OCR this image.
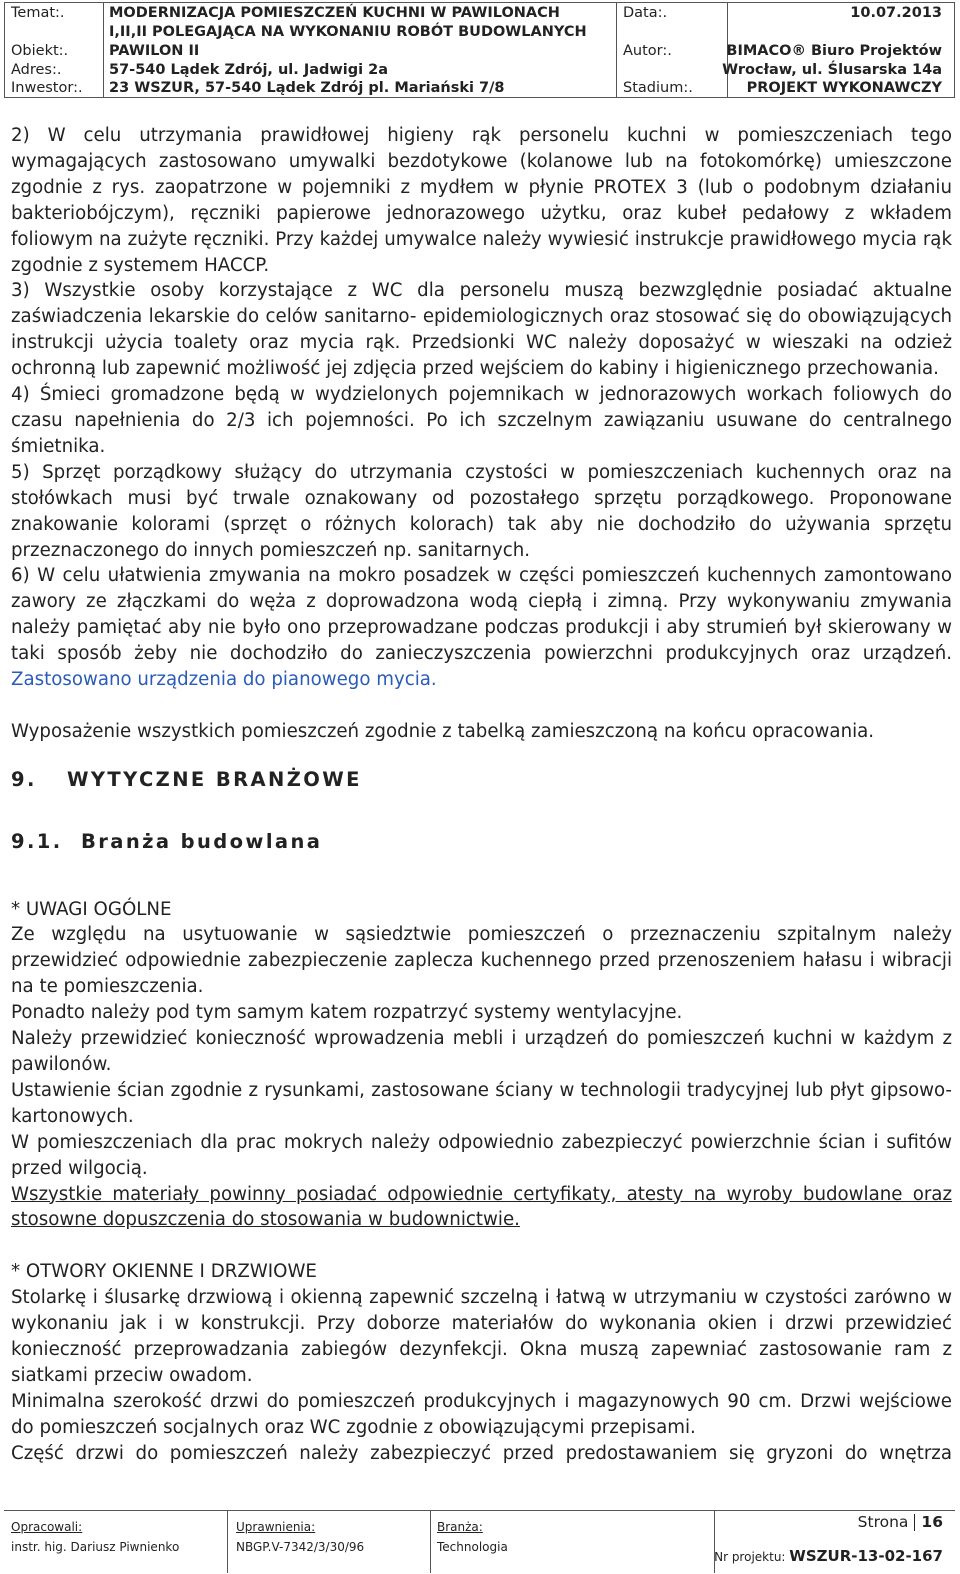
Temat:.	MODERNIZACJA POMIESZCZEŃ KUCHNI W PAWILONACH
I,II,II POLEGAJĄCA NA WYKONANIU ROBÓT BUDOWLANYCH
Obiekt:.	PAWILON II
Adres:.	57-540 Lądek Zdrój, ul. Jadwigi 2a
Inwestor:. 23 WSZUR, 57-540 Lądek Zdrój pl. Mariański 7/8
Data:.	10.07.2013
Autor:.	BIMACO® Biuro Projektów
Wrocław, ul. Ślusarska 14a
Stadium:.	PROJEKT WYKONAWCZY

2) W celu utrzymania prawidłowej higieny rąk personelu kuchni w pomieszczeniach tego wymagających zastosowano umywalki bezdotykowe (kolanowe lub na fotokomórkę) umieszczone zgodnie z rys. zaopatrzone w pojemniki z mydłem w płynie PROTEX 3 (lub o podobnym działaniu bakteriobójczym), ręczniki papierowe jednorazowego użytku, oraz kubeł pedałowy z wkładem foliowym na zużyte ręczniki. Przy każdej umywalce należy wywiesić instrukcje prawidłowego mycia rąk zgodnie z systemem HACCP.

3) Wszystkie osoby korzystające z WC dla personelu muszą bezwzględnie posiadać aktualne zaświadczenia lekarskie do celów sanitarno- epidemiologicznych oraz stosować się do obowiązujących instrukcji użycia toalety oraz mycia rąk. Przedsionki WC należy doposażyć w wieszaki na odzież ochronną lub zapewnić możliwość jej zdjęcia przed wejściem do kabiny i higienicznego przechowania.

4) Śmieci gromadzone będą w wydzielonych pojemnikach w jednorazowych workach foliowych do czasu napełnienia do 2/3 ich pojemności. Po ich szczelnym zawiązaniu usuwane do centralnego śmietnika.

5) Sprzęt porządkowy służący do utrzymania czystości w pomieszczeniach kuchennych oraz na stołówkach musi być trwale oznakowany od pozostałego sprzętu porządkowego. Proponowane znakowanie kolorami (sprzęt o różnych kolorach) tak aby nie dochodziło do używania sprzętu przeznaczonego do innych pomieszczeń np. sanitarnych.

6) W celu ułatwienia zmywania na mokro posadzek w części pomieszczeń kuchennych zamontowano zawory ze złączkami do węża z doprowadzona wodą ciepłą i zimną. Przy wykonywaniu zmywania należy pamiętać aby nie było ono przeprowadzane podczas produkcji i aby strumień był skierowany w taki sposób żeby nie dochodziło do zanieczyszczenia powierzchni produkcyjnych oraz urządzeń. Zastosowano urządzenia do pianowego mycia.

Wyposażenie wszystkich pomieszczeń zgodnie z tabelką zamieszczoną na końcu opracowania.

9. WYTYCZNE BRANŻOWE
9.1. Branża budowlana

* UWAGI OGÓLNE

Ze względu na usytuowanie w sąsiedztwie pomieszczeń o przeznaczeniu szpitalnym należy przewidzieć odpowiednie zabezpieczenie zaplecza kuchennego przed przenoszeniem hałasu i wibracji na te pomieszczenia.

Ponadto należy pod tym samym katem rozpatrzyć systemy wentylacyjne.

Należy przewidzieć konieczność wprowadzenia mebli i urządzeń do pomieszczeń kuchni w każdym z pawilonów.

Ustawienie ścian zgodnie z rysunkami, zastosowane ściany w technologii tradycyjnej lub płyt gipsowo- kartonowych.

W pomieszczeniach dla prac mokrych należy odpowiednio zabezpieczyć powierzchnie ścian i sufitów przed wilgocią.

Wszystkie materiały powinny posiadać odpowiednie certyfikaty, atesty na wyroby budowlane oraz stosowne dopuszczenia do stosowania w budownictwie.

* OTWORY OKIENNE I DRZWIOWE

Stolarkę i ślusarkę drzwiową i okienną zapewnić szczelną i łatwą w utrzymaniu w czystości zarówno w wykonaniu jak i w konstrukcji. Przy doborze materiałów do wykonania okien i drzwi przewidzieć konieczność przeprowadzania zabiegów dezynfekcji. Okna muszą zapewniać zastosowanie ram z siatkami przeciw owadom.

Minimalna szerokość drzwi do pomieszczeń produkcyjnych i magazynowych 90 cm. Drzwi wejściowe do pomieszczeń socjalnych oraz WC zgodnie z obowiązującymi przepisami.

Część drzwi do pomieszczeń należy zabezpieczyć przed predostawaniem się gryzoni do wnętrza

Opracowali:
instr. hig. Dariusz Piwnienko
Uprawnienia:
NBGP.V-7342/3/30/96
Branża:
Technologia
Strona 16
Nr projektu: WSZUR-13-02-167
